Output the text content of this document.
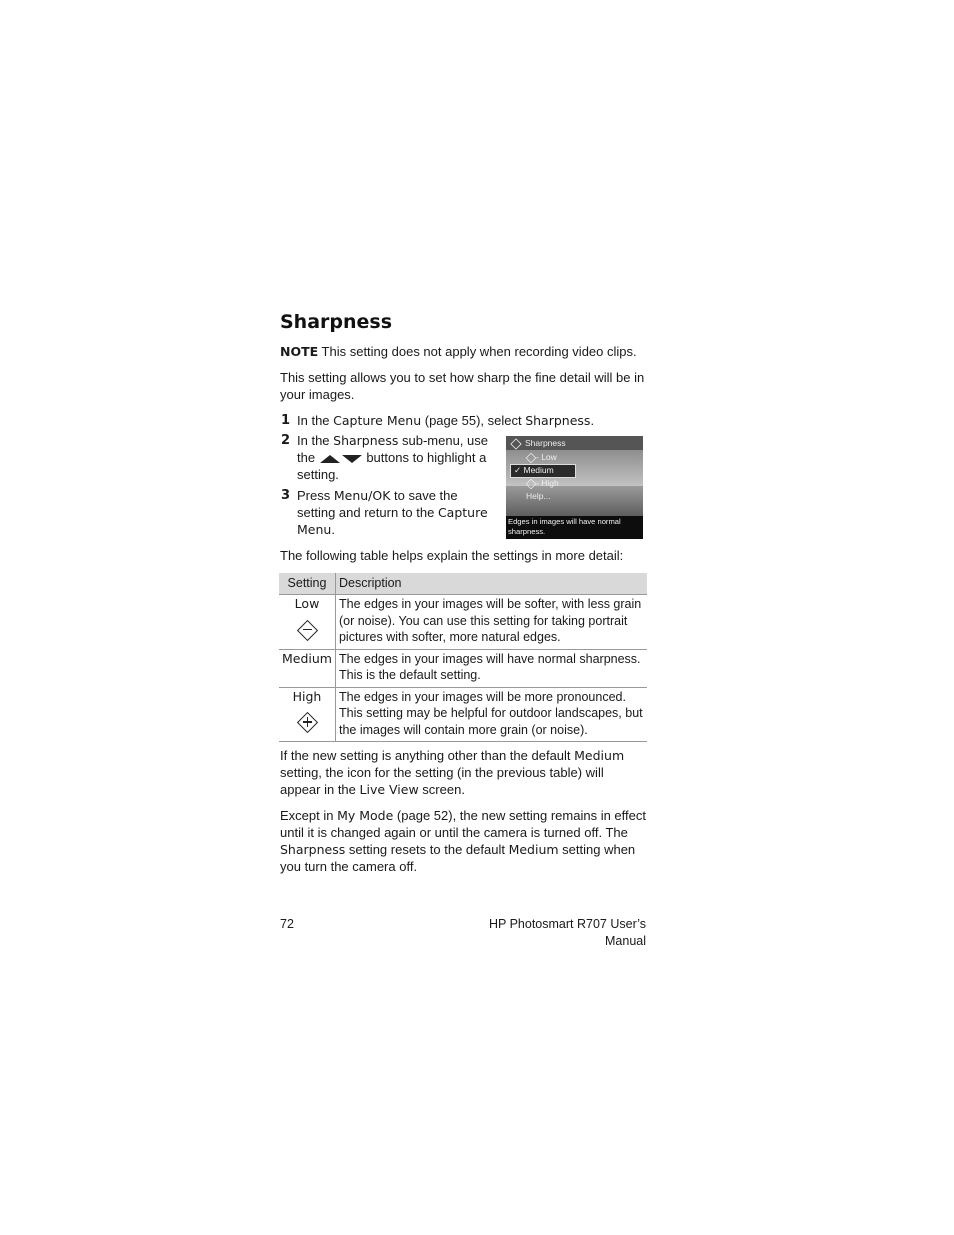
Sharpness

NOTE This setting does not apply when recording video clips.

This setting allows you to set how sharp the fine detail will be in your images.

1 In the Capture Menu (page 55), select Sharpness.

2 In the Sharpness sub-menu, use
the	buttons to highlight a
setting.
3 Press Menu/OK to save the
setting and return to the Capture
Menu.
Sharpness
- Low
✓ Medium
- High
Help...
Edges in images will have normal sharpness.

The following table helps explain the settings in more detail:

Setting	Description
Low	The edges in your images will be softer, with less grain (or noise). You can use this setting for taking portrait pictures with softer, more natural edges.
Medium	The edges in your images will have normal sharpness. This is the default setting.
High	The edges in your images will be more pronounced. This setting may be helpful for outdoor landscapes, but the images will contain more grain (or noise).

If the new setting is anything other than the default Medium setting, the icon for the setting (in the previous table) will appear in the Live View screen.

Except in My Mode (page 52), the new setting remains in effect until it is changed again or until the camera is turned off. The Sharpness setting resets to the default Medium setting when you turn the camera off.

72	HP Photosmart R707 User’s Manual
